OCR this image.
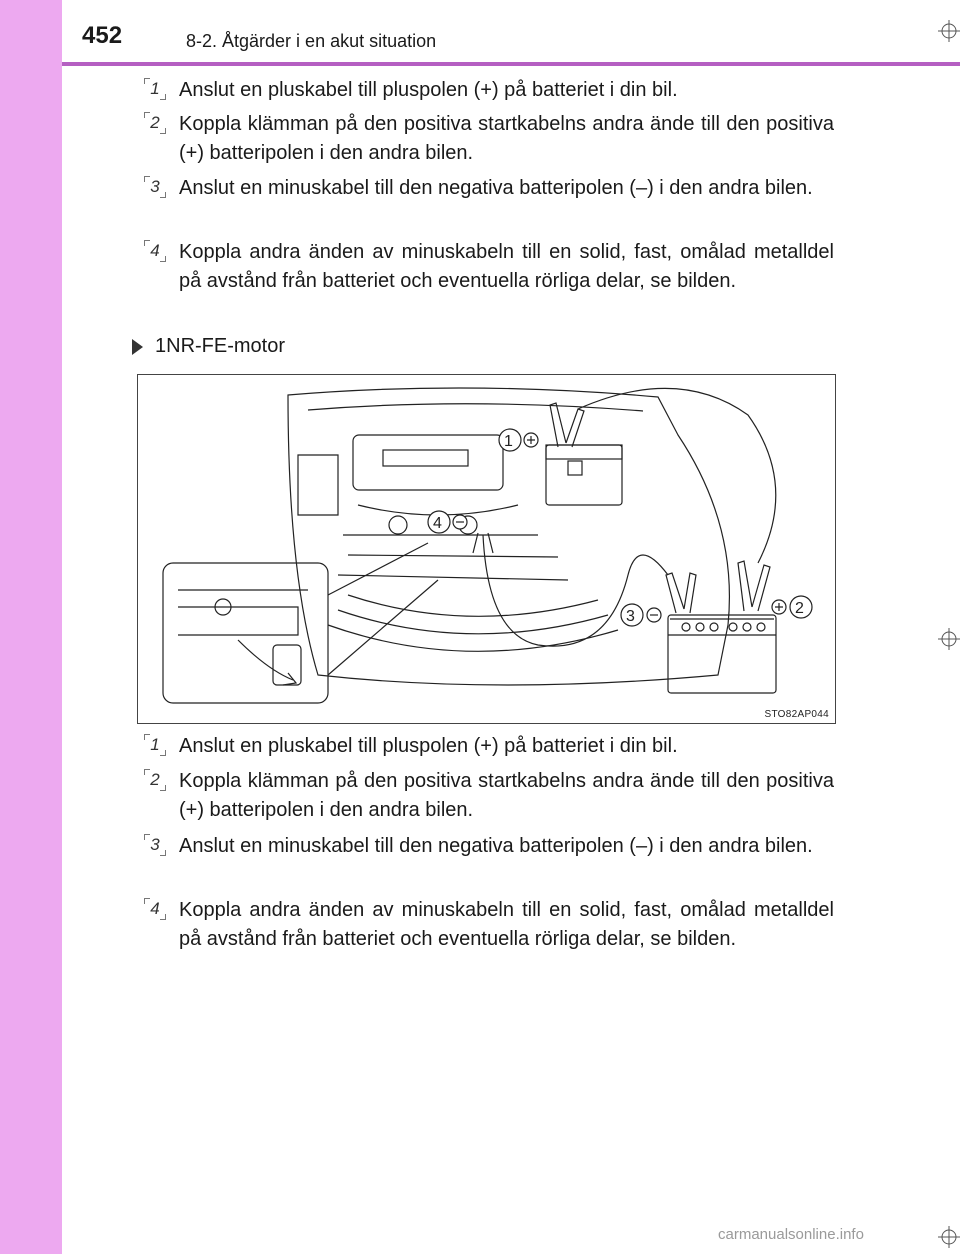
452	8-2. Åtgärder i en akut situation
1 Anslut en pluskabel till pluspolen (+) på batteriet i din bil.
2 Koppla klämman på den positiva startkabelns andra ände till den positiva (+) batteripolen i den andra bilen.
3 Anslut en minuskabel till den negativa batteripolen (–) i den andra bilen.
4 Koppla andra änden av minuskabeln till en solid, fast, omålad metalldel på avstånd från batteriet och eventuella rörliga delar, se bilden.
1NR-FE-motor
1
2
3
4
STO82AP044
1 Anslut en pluskabel till pluspolen (+) på batteriet i din bil.
2 Koppla klämman på den positiva startkabelns andra ände till den positiva (+) batteripolen i den andra bilen.
3 Anslut en minuskabel till den negativa batteripolen (–) i den andra bilen.
4 Koppla andra änden av minuskabeln till en solid, fast, omålad metalldel på avstånd från batteriet och eventuella rörliga delar, se bilden.
carmanualsonline.info
